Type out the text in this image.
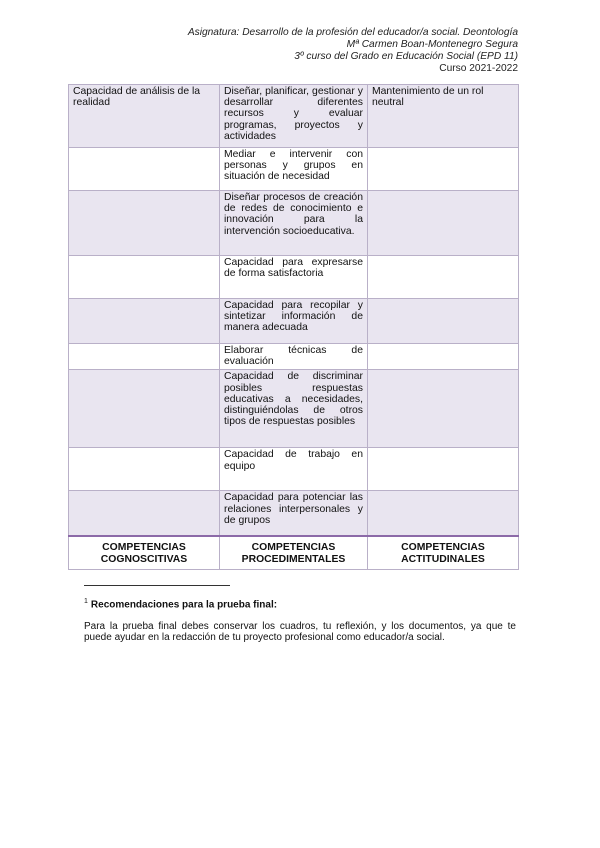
Asignatura: Desarrollo de la profesión del educador/a social. Deontología
Mª Carmen Boan-Montenegro Segura
3º curso del Grado en Educación Social (EPD 11)
Curso 2021-2022
Capacidad de análisis de la realidad	Diseñar, planificar, gestionar y desarrollar diferentes recursos y evaluar programas, proyectos y actividades	Mantenimiento de un rol neutral
	Mediar e intervenir con personas y grupos en situación de necesidad	
	Diseñar procesos de creación de redes de conocimiento e innovación para la intervención socioeducativa.	
	Capacidad para expresarse de forma satisfactoria	
	Capacidad para recopilar y sintetizar información de manera adecuada	
	Elaborar técnicas de evaluación	
	Capacidad de discriminar posibles respuestas educativas a necesidades, distinguiéndolas de otros tipos de respuestas posibles	
	Capacidad de trabajo en equipo	
	Capacidad para potenciar las relaciones interpersonales y de grupos	
COMPETENCIAS COGNOSCITIVAS	COMPETENCIAS PROCEDIMENTALES	COMPETENCIAS ACTITUDINALES
$^1$ Recomendaciones para la prueba final:
Para la prueba final debes conservar los cuadros, tu reflexión, y los documentos, ya que te puede ayudar en la redacción de tu proyecto profesional como educador/a social.
